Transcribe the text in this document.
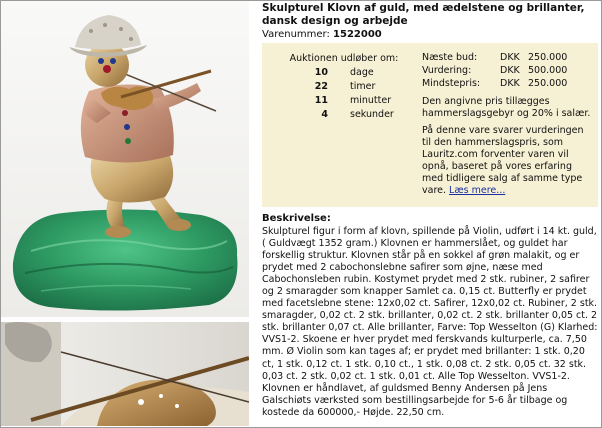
Skulpturel Klovn af guld, med ædelstene og brillanter, dansk design og arbejde
Varenummer: 1522000
Auktionen udløber om:
10 dage
22 timer
11 minutter
4 sekunder
Næste bud: DKK 250.000
Vurdering:	DKK 500.000
Mindstepris: DKK 250.000
Den angivne pris tillægges hammerslagsgebyr og 20% i salær.
På denne vare svarer vurderingen til den hammerslagspris, som Lauritz.com forventer varen vil opnå, baseret på vores erfaring med tidligere salg af samme type vare. Læs mere...
Beskrivelse:
Skulpturel figur i form af klovn, spillende på Violin, udført i 14 kt. guld, ( Guldvægt 1352 gram.) Klovnen er hammerslået, og guldet har forskellig struktur. Klovnen står på en sokkel af grøn malakit, og er prydet med 2 cabochonslebne safirer som øjne, næse med Cabochonsleben rubin. Kostymet prydet med 2 stk. rubiner, 2 safirer og 2 smaragder som knapper Samlet ca. 0,15 ct. Butterfly er prydet med facetslebne stene: 12x0,02 ct. Safirer, 12x0,02 ct. Rubiner, 2 stk. smaragder, 0,02 ct. 2 stk. brillanter, 0,02 ct. 2 stk. brillanter 0,05 ct. 2 stk. brillanter 0,07 ct. Alle brillanter, Farve: Top Wesselton (G) Klarhed: VVS1-2. Skoene er hver prydet med ferskvands kulturperle, ca. 7,50 mm. Ø Violin som kan tages af; er prydet med brillanter: 1 stk. 0,20 ct, 1 stk. 0,12 ct. 1 stk. 0,10 ct., 1 stk. 0,08 ct. 2 stk. 0,05 ct. 32 stk. 0,03 ct. 2 stk. 0,02 ct. 1 stk. 0,01 ct. Alle Top Wesselton. VVS1-2. Klovnen er håndlavet, af guldsmed Benny Andersen på Jens Galschiøts værksted som bestillingsarbejde for 5-6 år tilbage og kostede da 600000,- Højde. 22,50 cm.
